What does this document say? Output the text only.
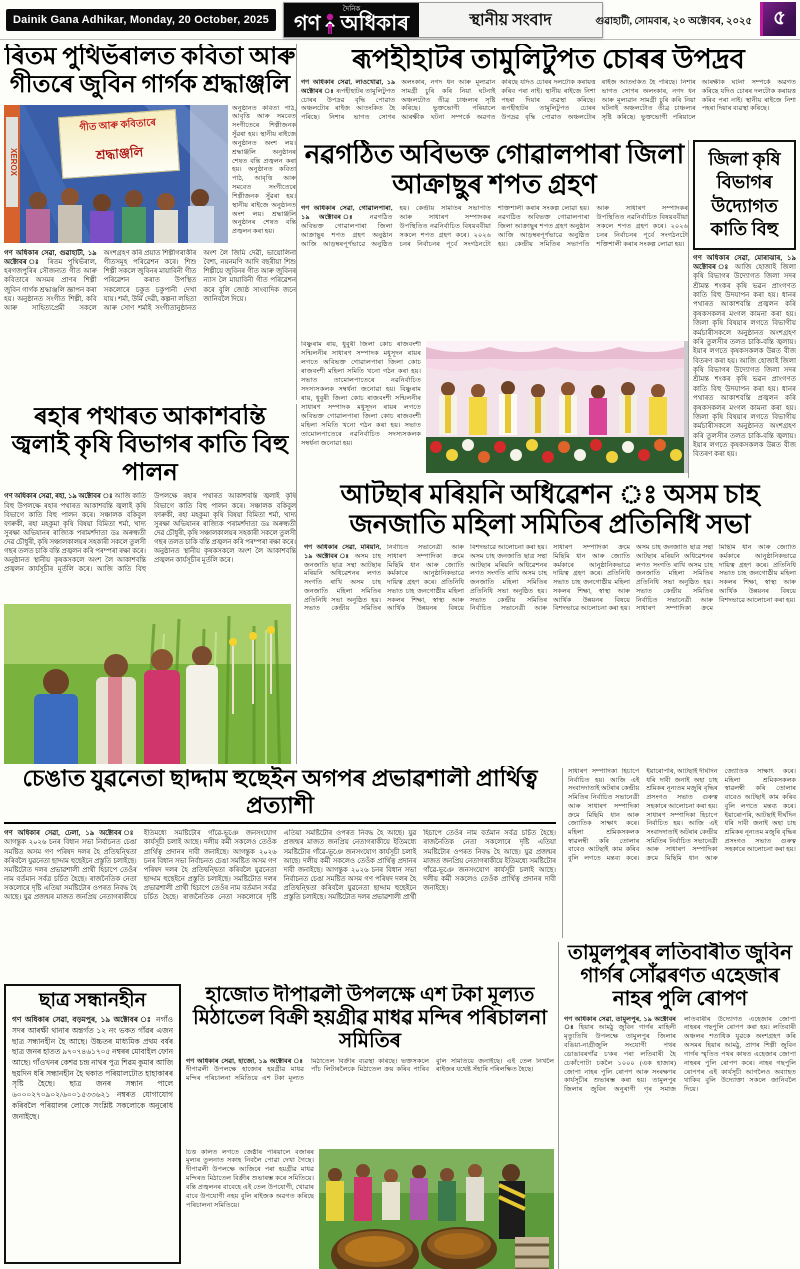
Dainik Gana Adhikar, Monday, 20 October, 2025
দৈনিক
গণ অধিকাৰ	স্থানীয় সংবাদ	গুৱাহাটী, সোমবাৰ, ২০ অক্টোবৰ, ২০২৫	৫
ৰিতম পুথিভঁৰালত কবিতা আৰু গীতৰে জুবিন গাৰ্গক শ্ৰদ্ধাঞ্জলি
XEROX
গীত আৰু কবিতাৰে
শ্ৰদ্ধাঞ্জলি

অনুষ্ঠানত কবিতা পাঠ, আবৃত্তি আৰু সমবেত সংগীতেৰে শিল্পীজনক সুঁৱৰা হয়। স্থানীয় ৰাইজে অনুষ্ঠানত অংশ লয়। শ্ৰদ্ধাঞ্জলি অনুষ্ঠানৰ শেষত বন্তি প্ৰজ্বলন কৰা হয়। অনুষ্ঠানত কবিতা পাঠ, আবৃত্তি আৰু সমবেত সংগীতেৰে শিল্পীজনক সুঁৱৰা হয়। স্থানীয় ৰাইজে অনুষ্ঠানত অংশ লয়। শ্ৰদ্ধাঞ্জলি অনুষ্ঠানৰ শেষত বন্তি প্ৰজ্বলন কৰা হয়।

গণ অধিকাৰ সেৱা, গুৱাহাটী, ১৯ অক্টোবৰ ঃ ৰিতম পুথিভঁৰাল, হৰগজপুৰিৰ সৌজন্যত গীত আৰু কবিতাৰে অসমৰ প্ৰাণৰ শিল্পী জুবিন গাৰ্গক শ্ৰদ্ধাঞ্জলি জ্ঞাপন কৰা হয়। অনুষ্ঠানত সংগীত শিল্পী, কবি আৰু সাহিত্যপ্ৰেমী সকলে অংশগ্ৰহণ কৰি প্ৰয়াত শিল্পীগৰাকীৰ গীতসমূহ পৰিৱেশন কৰে। শিশু শিল্পী সকলে জুবিনৰ মায়াবিনী গীত পৰিৱেশন কৰাত উপস্থিত সকলোৰে চকুত চকুপানী দেখা যায়। শৰ্মা, উৰ্মি দেৱী, কল্পনা লহিতা আৰু সোণ শৰ্মাই সংগীতানুষ্ঠানত অংশ লৈ জিমি দেৱী, ভায়োলিনা বৈশ্য, নয়নমণি আদি বছৰীয়া শিশু শিল্পীয়ে জুবিনৰ গীত আৰু জুবিনৰ ন্যাস লৈ মায়াবিনী গীত পৰিৱেশন কৰে বুলি জ্যেষ্ঠ সাংবাদিক জনে জানিবলৈ দিয়ে।

ৰূপহীহাটৰ তামুলিটুপত চোৰৰ উপদ্ৰব

গণ অধিকাৰ সেৱা, লাওখোৱা, ১৯ অক্টোবৰ ঃ ৰূপহীহাটৰ তামুলিটুপত চোৰৰ উপদ্ৰৱ বৃদ্ধি পোৱাত অঞ্চলটোৰ ৰাইজ আতংকিত হৈ পৰিছে। নিশাৰ ভাগত সোণৰ অলংকাৰ, নগদ ধন আৰু মূল্যৱান সামগ্ৰী চুৰি কৰি নিয়া ঘটনাই অঞ্চলটোত তীব্ৰ চাঞ্চল্যৰ সৃষ্টি কৰিছে। ভুক্তভোগী পৰিয়ালে আৰক্ষীক ঘটনা সম্পৰ্কে অৱগত কৰিছে যদিও চোৰৰ দলটোক কৰায়ত্ত কৰিব পৰা নাই। স্থানীয় ৰাইজে নিশা পহৰা দিয়াৰ ব্যৱস্থা কৰিছে। ৰূপহীহাটৰ তামুলিটুপত চোৰৰ উপদ্ৰৱ বৃদ্ধি পোৱাত অঞ্চলটোৰ ৰাইজ আতংকিত হৈ পৰিছে। নিশাৰ ভাগত সোণৰ অলংকাৰ, নগদ ধন আৰু মূল্যৱান সামগ্ৰী চুৰি কৰি নিয়া ঘটনাই অঞ্চলটোত তীব্ৰ চাঞ্চল্যৰ সৃষ্টি কৰিছে। ভুক্তভোগী পৰিয়ালে আৰক্ষীক ঘটনা সম্পৰ্কে অৱগত কৰিছে যদিও চোৰৰ দলটোক কৰায়ত্ত কৰিব পৰা নাই। স্থানীয় ৰাইজে নিশা পহৰা দিয়াৰ ব্যৱস্থা কৰিছে।

নৱগঠিত অবিভক্ত গোৱালপাৰা জিলা আক্ৰাছুৰ শপত গ্ৰহণ

গণ অধিকাৰ সেৱা, গোৱালপাৰা, ১৯ অক্টোবৰ ঃ নৱগঠিত অবিভক্ত গোৱালপাৰা জিলা আক্ৰাছুৰ শপত গ্ৰহণ অনুষ্ঠান আজি আড়ম্বৰপূৰ্ণভাৱে অনুষ্ঠিত হয়। কেন্দ্ৰীয় সমিতিৰ সভাপতি আৰু সাধাৰণ সম্পাদকৰ উপস্থিতিত নৱনিৰ্বাচিত বিষয়ববীয়া সকলে শপত গ্ৰহণ কৰে। ২০২৬ চনৰ নিৰ্বাচনৰ পূৰ্বে সংগঠনটো শক্তিশালী কৰাৰ সংকল্প লোৱা হয়। নৱগঠিত অবিভক্ত গোৱালপাৰা জিলা আক্ৰাছুৰ শপত গ্ৰহণ অনুষ্ঠান আজি আড়ম্বৰপূৰ্ণভাৱে অনুষ্ঠিত হয়। কেন্দ্ৰীয় সমিতিৰ সভাপতি আৰু সাধাৰণ সম্পাদকৰ উপস্থিতিত নৱনিৰ্বাচিত বিষয়ববীয়া সকলে শপত গ্ৰহণ কৰে। ২০২৬ চনৰ নিৰ্বাচনৰ পূৰ্বে সংগঠনটো শক্তিশালী কৰাৰ সংকল্প লোৱা হয়।

বিষ্ণুৰাম ৰায়, ধুবুৰী জিলা কোচ ৰাজবংশী সন্মিলনীৰ সাধাৰণ সম্পাদক মধুসূদন ৰায়ৰ লগতে অবিভক্ত গোৱালপাৰা জিলা কোচ ৰাজবংশী মহিলা সমিতি খনো গঠন কৰা হয়। সভাত তামোলপাতেৰে নৱনিৰ্বাচিত সদস্যসকলক সম্বৰ্ধনা জনোৱা হয়। বিষ্ণুৰাম ৰায়, ধুবুৰী জিলা কোচ ৰাজবংশী সন্মিলনীৰ সাধাৰণ সম্পাদক মধুসূদন ৰায়ৰ লগতে অবিভক্ত গোৱালপাৰা জিলা কোচ ৰাজবংশী মহিলা সমিতি খনো গঠন কৰা হয়। সভাত তামোলপাতেৰে নৱনিৰ্বাচিত সদস্যসকলক সম্বৰ্ধনা জনোৱা হয়।

জিলা কৃষি বিভাগৰ উদ্যোগত কাতি বিহু

গণ অধিকাৰ সেৱা, মোৰাঝাৰ, ১৯ অক্টোবৰ ঃ আজি হোজাই জিলা কৃষি বিভাগৰ উদ্যোগত জিলা সদৰ শ্ৰীমন্ত শংকৰ কৃষি ভৱন প্ৰাংগণত কাতি বিহু উদযাপন কৰা হয়। ধানৰ পথাৰত আকাশবন্তি প্ৰজ্বলন কৰি কৃষকসকলৰ মংগল কামনা কৰা হয়। জিলা কৃষি বিষয়াৰ লগতে বিভাগীয় কৰ্মচাৰীসকলে অনুষ্ঠানত অংশগ্ৰহণ কৰি তুলসীৰ তলত চাকি-বন্তি জ্বলায়। ইয়াৰ লগতে কৃষকসকলক উন্নত বীজ বিতৰণ কৰা হয়। আজি হোজাই জিলা কৃষি বিভাগৰ উদ্যোগত জিলা সদৰ শ্ৰীমন্ত শংকৰ কৃষি ভৱন প্ৰাংগণত কাতি বিহু উদযাপন কৰা হয়। ধানৰ পথাৰত আকাশবন্তি প্ৰজ্বলন কৰি কৃষকসকলৰ মংগল কামনা কৰা হয়। জিলা কৃষি বিষয়াৰ লগতে বিভাগীয় কৰ্মচাৰীসকলে অনুষ্ঠানত অংশগ্ৰহণ কৰি তুলসীৰ তলত চাকি-বন্তি জ্বলায়। ইয়াৰ লগতে কৃষকসকলক উন্নত বীজ বিতৰণ কৰা হয়।

ৰহাৰ পথাৰত আকাশবন্তি জ্বলাই কৃষি বিভাগৰ কাতি বিহু পালন

গণ অধিকাৰ সেৱা, ৰহা, ১৯ অক্টোবৰ ঃ আজি কাতি বিহু উপলক্ষে ৰহাৰ পথাৰত আকাশবন্তি জ্বলাই কৃষি বিভাগে কাতি বিহু পালন কৰে। সঞ্চালক বকিবুল ফাৰুকী, ৰহা মহকুমা কৃষি বিষয়া বিমিতা শৰ্মা, খাদ্য সুৰক্ষা অভিযানৰ ৰাজ্যিক পৰামৰ্শদাতা ডঃ অৰুন্ধতী দেৱ চৌধুৰী, কৃষি সঞ্চালকালয়ৰ সহকাৰী সকলে তুলসী গছৰ তলত চাকি বন্তি প্ৰজ্বলন কৰি পৰম্পৰা ৰক্ষা কৰে। অনুষ্ঠানত স্থানীয় কৃষকসকলে অংশ লৈ আকাশবন্তি প্ৰজ্বলন কাৰ্যসূচীৰ মূৰ্তলি কৰে। আজি কাতি বিহু উপলক্ষে ৰহাৰ পথাৰত আকাশবন্তি জ্বলাই কৃষি বিভাগে কাতি বিহু পালন কৰে। সঞ্চালক বকিবুল ফাৰুকী, ৰহা মহকুমা কৃষি বিষয়া বিমিতা শৰ্মা, খাদ্য সুৰক্ষা অভিযানৰ ৰাজ্যিক পৰামৰ্শদাতা ডঃ অৰুন্ধতী দেৱ চৌধুৰী, কৃষি সঞ্চালকালয়ৰ সহকাৰী সকলে তুলসী গছৰ তলত চাকি বন্তি প্ৰজ্বলন কৰি পৰম্পৰা ৰক্ষা কৰে। অনুষ্ঠানত স্থানীয় কৃষকসকলে অংশ লৈ আকাশবন্তি প্ৰজ্বলন কাৰ্যসূচীৰ মূৰ্তলি কৰে।

আটছাৰ মৰিয়নি অধিৱেশন ঃ অসম চাহ জনজাতি মহিলা সমিতিৰ প্ৰতিনিধি সভা

গণ অধিকাৰ সেৱা, মৰিয়নি, ১৯ অক্টোবৰ ঃ অসম চাহ জনজাতি ছাত্ৰ সন্থা আটছাৰ মৰিয়নি অধিৱেশনৰ লগত সংগতি ৰাখি অসম চাহ জনজাতি মহিলা সমিতিৰ প্ৰতিনিধি সভা অনুষ্ঠিত হয়। সভাত কেন্দ্ৰীয় সমিতিৰ নিৰ্বাচিত সভানেত্ৰী আৰু সাধাৰণ সম্পাদিকা ক্ৰমে মিছিমি ধান আৰু জ্যোতি কৰ্মকাৰে আনুষ্ঠানিকভাৱে দায়িত্ব গ্ৰহণ কৰে। প্ৰতিনিধি সভাত চাহ জনগোষ্ঠীয় মহিলা সকলৰ শিক্ষা, স্বাস্থ্য আৰু আৰ্থিক উন্নয়নৰ বিষয়ে বিশদভাৱে আলোচনা কৰা হয়। অসম চাহ জনজাতি ছাত্ৰ সন্থা আটছাৰ মৰিয়নি অধিৱেশনৰ লগত সংগতি ৰাখি অসম চাহ জনজাতি মহিলা সমিতিৰ প্ৰতিনিধি সভা অনুষ্ঠিত হয়। সভাত কেন্দ্ৰীয় সমিতিৰ নিৰ্বাচিত সভানেত্ৰী আৰু সাধাৰণ সম্পাদিকা ক্ৰমে মিছিমি ধান আৰু জ্যোতি কৰ্মকাৰে আনুষ্ঠানিকভাৱে দায়িত্ব গ্ৰহণ কৰে। প্ৰতিনিধি সভাত চাহ জনগোষ্ঠীয় মহিলা সকলৰ শিক্ষা, স্বাস্থ্য আৰু আৰ্থিক উন্নয়নৰ বিষয়ে বিশদভাৱে আলোচনা কৰা হয়। অসম চাহ জনজাতি ছাত্ৰ সন্থা আটছাৰ মৰিয়নি অধিৱেশনৰ লগত সংগতি ৰাখি অসম চাহ জনজাতি মহিলা সমিতিৰ প্ৰতিনিধি সভা অনুষ্ঠিত হয়। সভাত কেন্দ্ৰীয় সমিতিৰ নিৰ্বাচিত সভানেত্ৰী আৰু সাধাৰণ সম্পাদিকা ক্ৰমে মিছিমি ধান আৰু জ্যোতি কৰ্মকাৰে আনুষ্ঠানিকভাৱে দায়িত্ব গ্ৰহণ কৰে। প্ৰতিনিধি সভাত চাহ জনগোষ্ঠীয় মহিলা সকলৰ শিক্ষা, স্বাস্থ্য আৰু আৰ্থিক উন্নয়নৰ বিষয়ে বিশদভাৱে আলোচনা কৰা হয়।

সাধাৰণ সম্পাদিকা হিচাপে নিৰ্বাচিত হয়। আজি এই সংবাদদাতাই অটৰাৰ কেন্দ্ৰীয় সমিতিৰ নিৰ্বাচিত সভানেত্ৰী আৰু সাধাৰণ সম্পাদিকা ক্ৰমে মিছিমি ধান আৰু জ্যোতিক সাক্ষাৎ কৰে। মহিলা শ্ৰমিকসকলক স্বাৱলম্বী কৰি তোলাৰ বাবেও আটছাই কাম কৰিব বুলি লগতে মন্তব্য কৰে। ইয়াৰোপৰি, আটছাই দীৰ্ঘদিন ধৰি দাবী জনাই অহা চাহ শ্ৰমিকৰ নূন্যতম মজুৰি বৃদ্ধিৰ প্ৰসংগও সভাত গুৰুত্ব সহকাৰে আলোচনা কৰা হয়। সাধাৰণ সম্পাদিকা হিচাপে নিৰ্বাচিত হয়। আজি এই সংবাদদাতাই অটৰাৰ কেন্দ্ৰীয় সমিতিৰ নিৰ্বাচিত সভানেত্ৰী আৰু সাধাৰণ সম্পাদিকা ক্ৰমে মিছিমি ধান আৰু জ্যোতিক সাক্ষাৎ কৰে। মহিলা শ্ৰমিকসকলক স্বাৱলম্বী কৰি তোলাৰ বাবেও আটছাই কাম কৰিব বুলি লগতে মন্তব্য কৰে। ইয়াৰোপৰি, আটছাই দীৰ্ঘদিন ধৰি দাবী জনাই অহা চাহ শ্ৰমিকৰ নূন্যতম মজুৰি বৃদ্ধিৰ প্ৰসংগও সভাত গুৰুত্ব সহকাৰে আলোচনা কৰা হয়।

চেঙাত যুৱনেতা ছাদ্দাম হুছেইন অগপৰ প্ৰভাৱশালী প্ৰাৰ্থিত্ব প্ৰত্যাশী

গণ অধিকাৰ সেৱা, ঢেলা, ১৯ অক্টোবৰ ঃ আগন্তুক ২০২৬ চনৰ বিধান সভা নিৰ্বাচনত চেঙা সমষ্টিত অসম গণ পৰিষদ দলৰ হৈ প্ৰতিদ্বন্দ্বিতা কৰিবলৈ যুৱনেতা ছাদ্দাম হুছেইনে প্ৰস্তুতি চলাইছে। সমষ্টিটোত দলৰ প্ৰভাৱশালী প্ৰাৰ্থী হিচাপে তেওঁৰ নাম বৰ্তমান সৰ্বত্ৰ চৰ্চিত হৈছে। ৰাজনৈতিক নেতা সকলোৰে দৃষ্টি এতিয়া সমষ্টিটোৰ ওপৰত নিবদ্ধ হৈ আছে। যুৱ প্ৰজন্মৰ মাজত জনপ্ৰিয় নেতাগৰাকীয়ে ইতিমধ্যে সমষ্টিটোৰ গাঁৱে-ভূঞে জনসংযোগ কাৰ্যসূচী চলাই আছে। দলীয় কৰ্মী সকলেও তেওঁক প্ৰাৰ্থিত্ব প্ৰদানৰ দাবী জনাইছে। আগন্তুক ২০২৬ চনৰ বিধান সভা নিৰ্বাচনত চেঙা সমষ্টিত অসম গণ পৰিষদ দলৰ হৈ প্ৰতিদ্বন্দ্বিতা কৰিবলৈ যুৱনেতা ছাদ্দাম হুছেইনে প্ৰস্তুতি চলাইছে। সমষ্টিটোত দলৰ প্ৰভাৱশালী প্ৰাৰ্থী হিচাপে তেওঁৰ নাম বৰ্তমান সৰ্বত্ৰ চৰ্চিত হৈছে। ৰাজনৈতিক নেতা সকলোৰে দৃষ্টি এতিয়া সমষ্টিটোৰ ওপৰত নিবদ্ধ হৈ আছে। যুৱ প্ৰজন্মৰ মাজত জনপ্ৰিয় নেতাগৰাকীয়ে ইতিমধ্যে সমষ্টিটোৰ গাঁৱে-ভূঞে জনসংযোগ কাৰ্যসূচী চলাই আছে। দলীয় কৰ্মী সকলেও তেওঁক প্ৰাৰ্থিত্ব প্ৰদানৰ দাবী জনাইছে। আগন্তুক ২০২৬ চনৰ বিধান সভা নিৰ্বাচনত চেঙা সমষ্টিত অসম গণ পৰিষদ দলৰ হৈ প্ৰতিদ্বন্দ্বিতা কৰিবলৈ যুৱনেতা ছাদ্দাম হুছেইনে প্ৰস্তুতি চলাইছে। সমষ্টিটোত দলৰ প্ৰভাৱশালী প্ৰাৰ্থী হিচাপে তেওঁৰ নাম বৰ্তমান সৰ্বত্ৰ চৰ্চিত হৈছে। ৰাজনৈতিক নেতা সকলোৰে দৃষ্টি এতিয়া সমষ্টিটোৰ ওপৰত নিবদ্ধ হৈ আছে। যুৱ প্ৰজন্মৰ মাজত জনপ্ৰিয় নেতাগৰাকীয়ে ইতিমধ্যে সমষ্টিটোৰ গাঁৱে-ভূঞে জনসংযোগ কাৰ্যসূচী চলাই আছে। দলীয় কৰ্মী সকলেও তেওঁক প্ৰাৰ্থিত্ব প্ৰদানৰ দাবী জনাইছে।

ছাত্ৰ সন্ধানহীন

গণ অধিকাৰ সেৱা, বড়মপুৰ, ১৯ অক্টোবৰ ঃ নগাঁও সদৰ আৰক্ষী থানাৰ অন্তৰ্গত ১২ নং ভকত গাঁৱৰ এজন ছাত্ৰ সন্ধানহীন হৈ আছে। উচ্চতৰ মাধ্যমিক প্ৰথম বৰ্ষৰ ছাত্ৰ জনৰ হাতত ৯৭০৭৪৬১৭০৫ নম্বৰৰ মোবাইল ফোন আছে। গাঁওখনৰ কেশৱ চন্দ্ৰ নাথৰ পুত্ৰ শিৱম কুমাৰ আজি ছয়দিন ধৰি সন্ধানহীন হৈ থকাত পৰিয়ালটোত হাহাকাৰৰ সৃষ্টি হৈছে। ছাত্ৰ জনৰ সন্ধান পালে ৬০০০২৭০৯০২/৬০০১৫৩৩৬২১ নম্বৰত যোগাযোগ কৰিবলৈ পৰিয়ালৰ লোকে সংশ্লিষ্ট সকলোকে অনুৰোধ জনাইছে।

হাজোত দীপাৱলী উপলক্ষে এশ টকা মূল্যত মিঠাতেল বিক্ৰী হয়গ্ৰীৱ মাধৱ মন্দিৰ পৰিচালনা সমিতিৰ

গণ অধিকাৰ সেৱা, হাজো, ১৯ অক্টোবৰ ঃ দীপাৱলী উপলক্ষে হাজোৰ হয়গ্ৰীৱ মাধৱ মন্দিৰ পৰিচালনা সমিতিয়ে এশ টকা মূল্যত মিঠাতেল বিক্ৰীৰ ব্যৱস্থা কৰিছে। ভক্তসকলে পাঁচ লিটাৰলৈকে মিঠাতেল ক্ৰয় কৰিব পাৰিব বুলি সমিতিয়ে জনাইছে। এই তেল নিখলৈ ৰাইজৰ যথেষ্ট সঁহাৰি পৰিলক্ষিত হৈছে।

চিত্ত কলিত লগতে জেষ্ঠীৰ পৰিয়ালে বজাৰৰ মূল্যৰ তুলনাত সকাহ নিবলৈ পোৱা দেখা গৈছে। দীপাৱলী উপলক্ষে আজিৰে পৰা হয়গ্ৰীৱ মাধৱ মন্দিৰত মিঠাতেল বিক্ৰীৰ শুভাৰম্ভ কৰে সমিতিয়ে। বন্তি প্ৰজ্বলনৰ বাবেহে এই তেল উপযোগী, খোৱাৰ বাবে উপযোগী নহয় বুলি ৰাইজক অৱগত কৰিছে পৰিচালনা সমিতিয়ে।

তামুলপুৰৰ লতিবাৰীত জুবিন গাৰ্গৰ সোঁৱৰণত এহেজাৰ নাহৰ পুলি ৰোপণ

গণ অধিকাৰ সেৱা, তামুলপুৰ, ১৯ অক্টোবৰ ঃ হিয়াৰ আমঠু জুবিন গাৰ্গৰ মাহিলী মৃত্যুতিথি উপলক্ষে তামুলপুৰ জিলাৰ বঙিয়া-নাগ্ৰীজুলি সংযোগী পথৰ ডোঙাবৰগাঁৱ চ'কৰ পৰা লতিবাৰী হৈ চেকাঁপোটা চকলৈ ১০০০ (এক হাজাৰ) জোপা নাহৰ পুলি ৰোপণ আৰু সংৰক্ষণৰ কাৰ্যসূচীৰ শুভাৰম্ভ কৰা হয়। তামুলপুৰ জিলাৰ জুবিন অনুৰাগী গৃৰ সমাজ লতিবাৰীৰ উদ্যোগত এহেজাৰ জোপা নাহৰৰ গছপুলি ৰোপণ কৰা হয়। লতিবাৰী অঞ্চলৰ শতাধিক যুৱকে অংশগ্ৰহণ কৰি অসমৰ হিয়াৰ আমঠু, প্ৰাণৰ শিল্পী জুবিন গাৰ্গৰ স্মৃতিত পথৰ কাষত এহেজাৰ জোপা নাহৰৰ পুলি ৰোপণ কৰে। নাহৰ গছপুলি ৰোপণৰ এই কাৰ্যসূচী আগলৈও অব্যাহত থাকিব বুলি উদ্যোক্তা সকলে জানিবলৈ দিয়ে।
